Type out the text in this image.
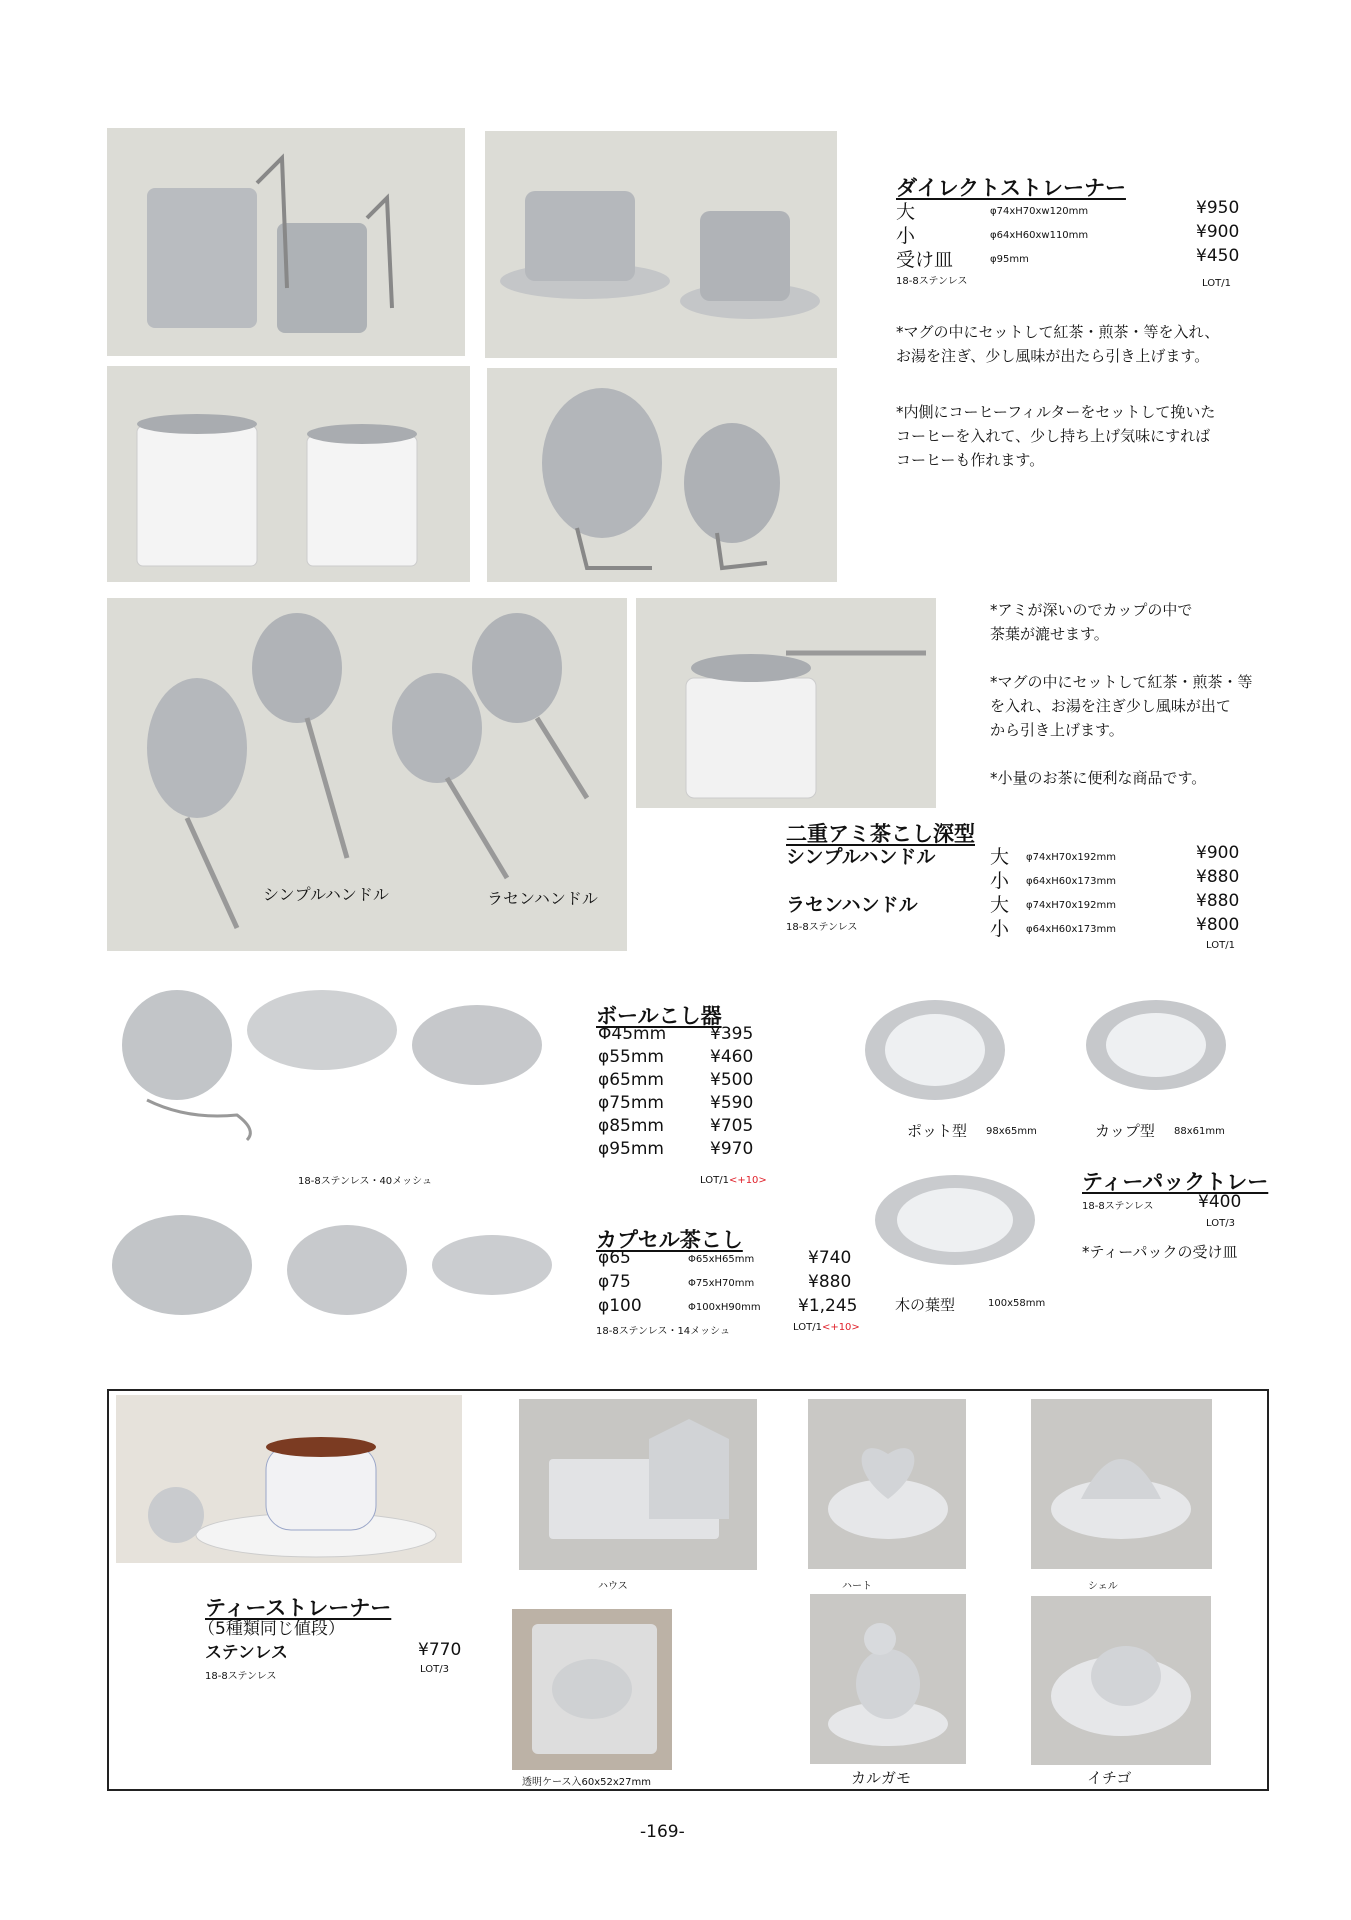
ダイレクトストレーナー
大	φ74xH70xw120mm	¥950
小	φ64xH60xw110mm	¥900
受け皿	φ95mm	¥450
18-8ステンレス	LOT/1
*マグの中にセットして紅茶・煎茶・等を入れ、
お湯を注ぎ、少し風味が出たら引き上げます。
*内側にコーヒーフィルターをセットして挽いた
コーヒーを入れて、少し持ち上げ気味にすれば
コーヒーも作れます。
シンプルハンドル	ラセンハンドル
*アミが深いのでカップの中で
茶葉が漉せます。
*マグの中にセットして紅茶・煎茶・等
を入れ、お湯を注ぎ少し風味が出て
から引き上げます。
*小量のお茶に便利な商品です。
二重アミ茶こし深型
シンプルハンドル
ラセンハンドル
18-8ステンレス
大 φ74xH70x192mm	¥900
小 φ64xH60x173mm	¥880
大 φ74xH70x192mm	¥880
小 φ64xH60x173mm	¥800
LOT/1
18-8ステンレス・40メッシュ
ボールこし器
Φ45mm	¥395
φ55mm	¥460
φ65mm	¥500
φ75mm	¥590
φ85mm	¥705
φ95mm	¥970
LOT/1<+10>
カプセル茶こし
φ65	Φ65xH65mm	¥740
φ75	Φ75xH70mm	¥880
φ100	Φ100xH90mm ¥1,245
18-8ステンレス・14メッシュ	LOT/1<+10>
ポット型 98x65mm	カップ型 88x61mm
木の葉型	100x58mm
ティーパックトレー
18-8ステンレス	¥400
LOT/3
*ティーパックの受け皿
ハウス	ハート	シェル
ティーストレーナー
（5種類同じ値段）
ステンレス	¥770
18-8ステンレス
LOT/3
透明ケース入60x52x27mm	カルガモ	イチゴ
-169-
